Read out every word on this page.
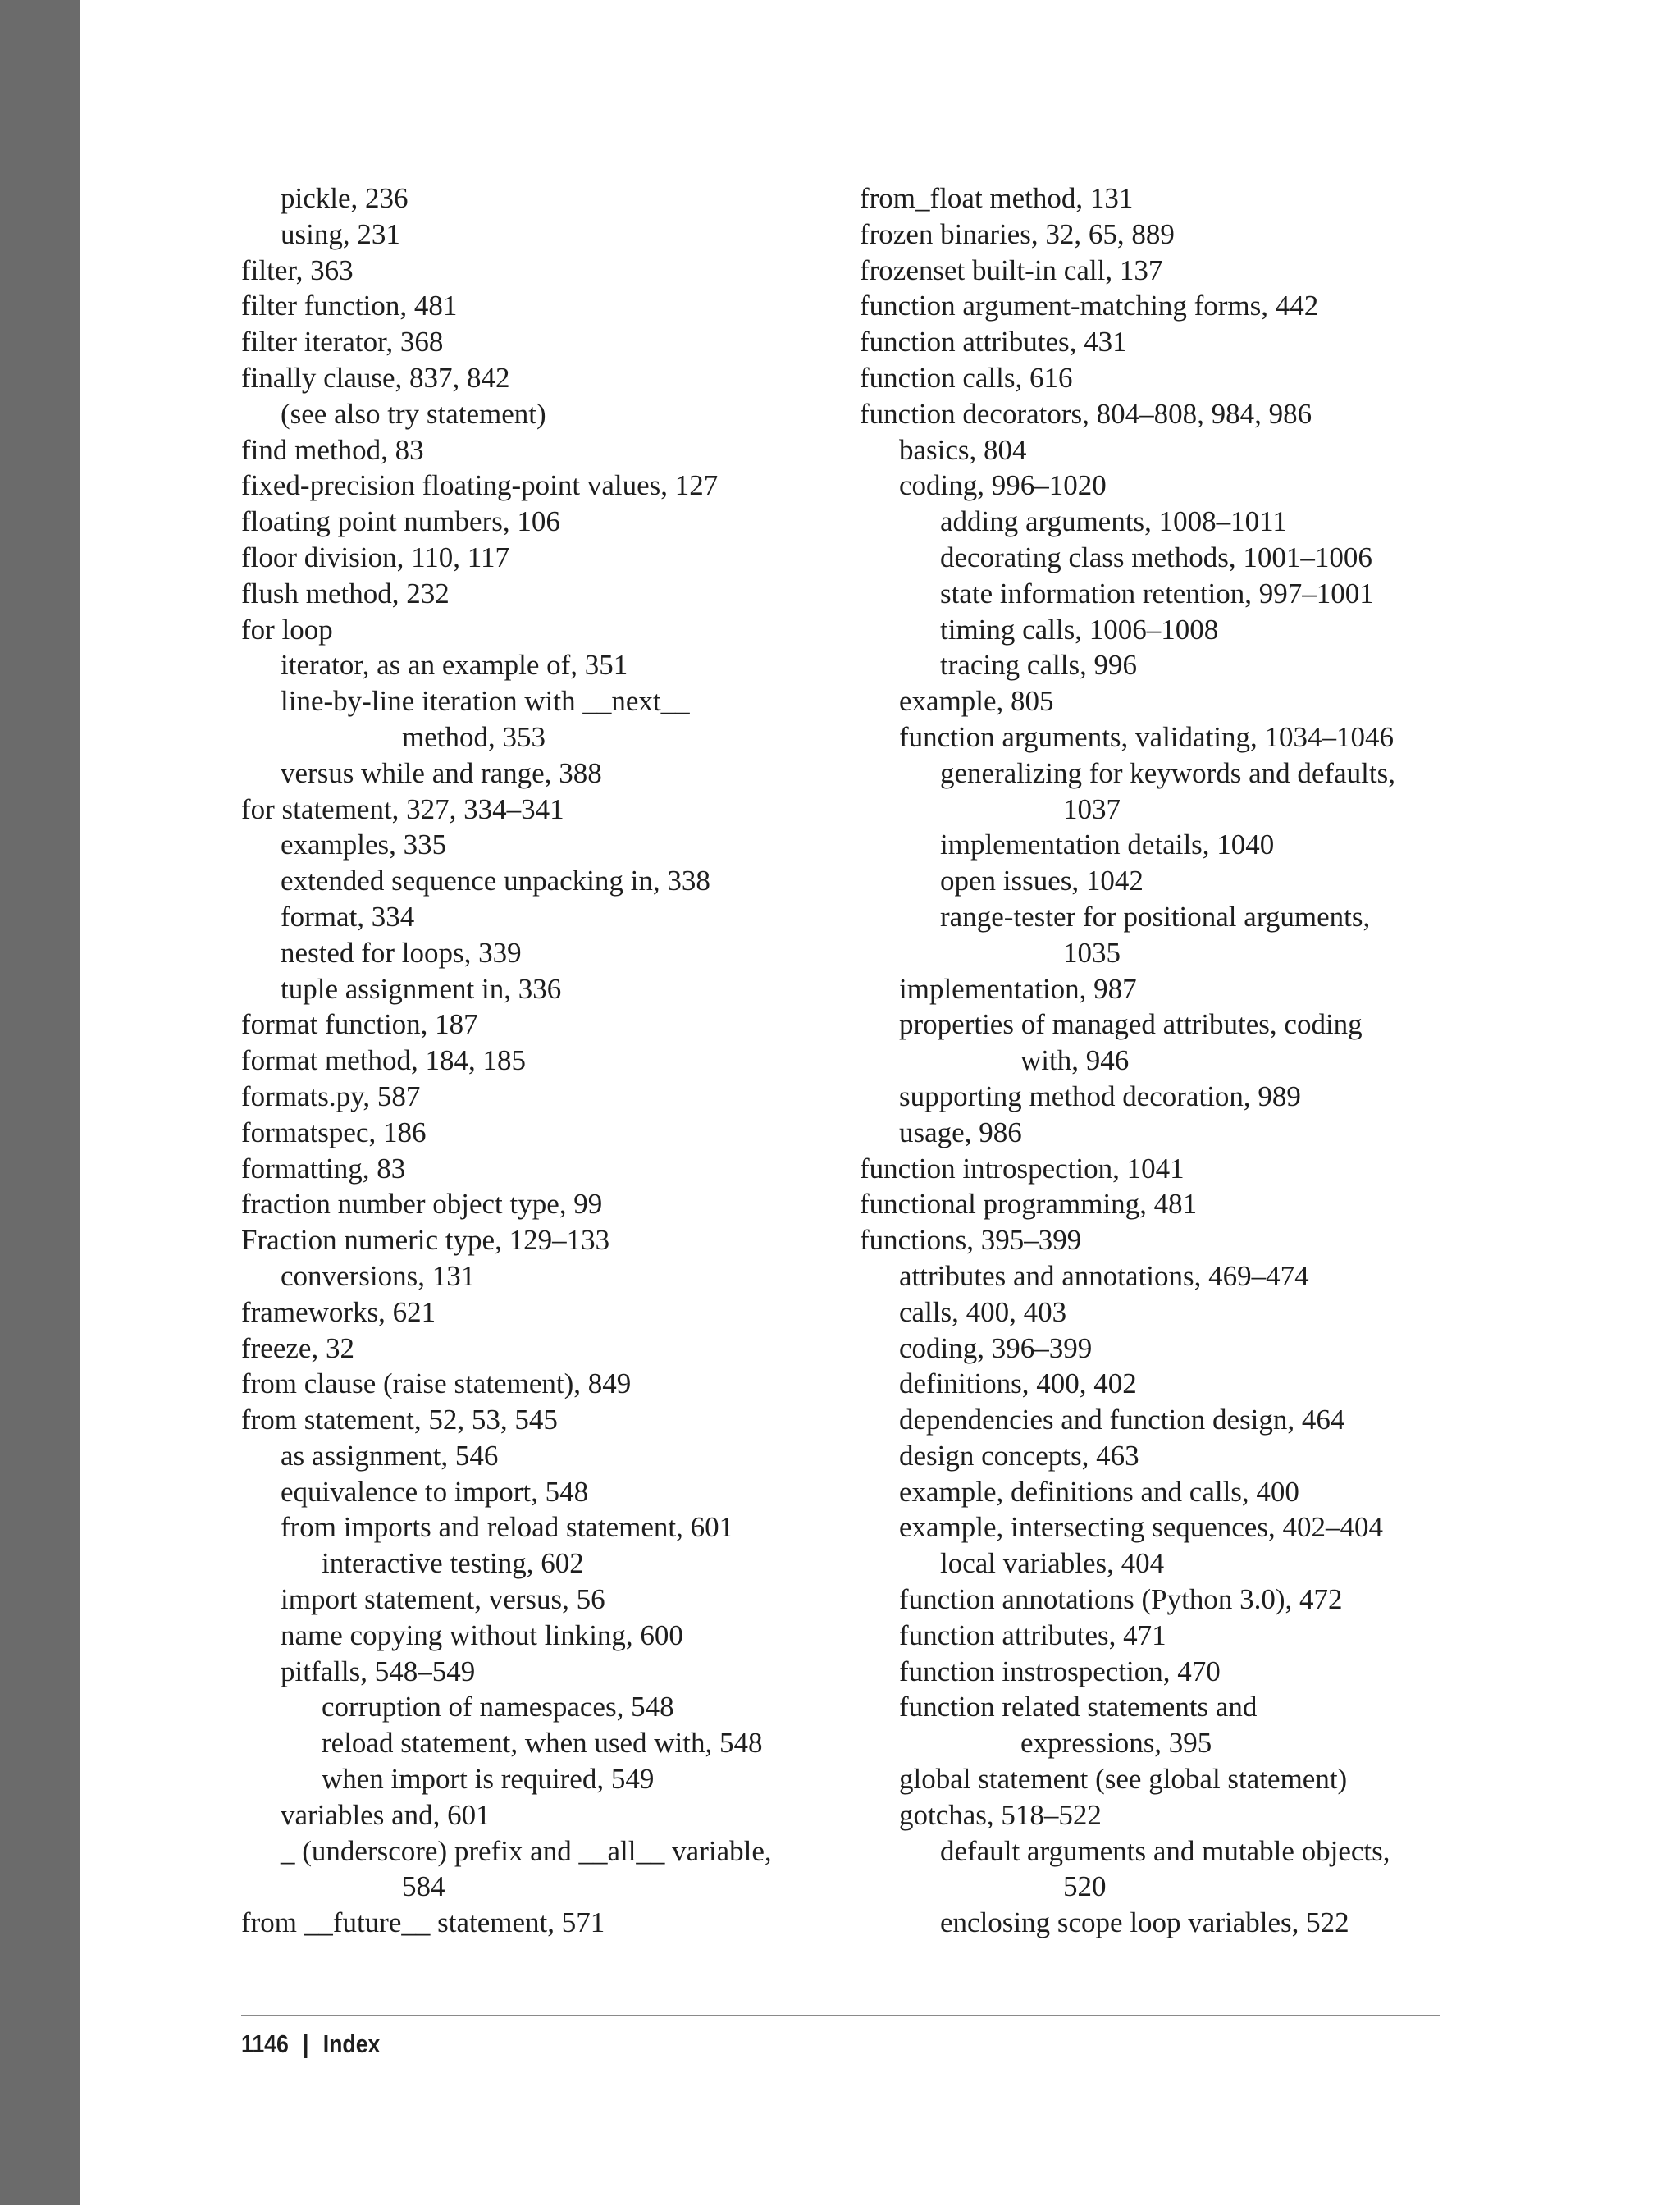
pickle, 236
using, 231
filter, 363
filter function, 481
filter iterator, 368
finally clause, 837, 842
(see also try statement)
find method, 83
fixed-precision floating-point values, 127
floating point numbers, 106
floor division, 110, 117
flush method, 232
for loop
iterator, as an example of, 351
line-by-line iteration with __next__
method, 353
versus while and range, 388
for statement, 327, 334–341
examples, 335
extended sequence unpacking in, 338
format, 334
nested for loops, 339
tuple assignment in, 336
format function, 187
format method, 184, 185
formats.py, 587
formatspec, 186
formatting, 83
fraction number object type, 99
Fraction numeric type, 129–133
conversions, 131
frameworks, 621
freeze, 32
from clause (raise statement), 849
from statement, 52, 53, 545
as assignment, 546
equivalence to import, 548
from imports and reload statement, 601
interactive testing, 602
import statement, versus, 56
name copying without linking, 600
pitfalls, 548–549
corruption of namespaces, 548
reload statement, when used with, 548
when import is required, 549
variables and, 601
_ (underscore) prefix and __all__ variable,
584
from __future__ statement, 571
from_float method, 131
frozen binaries, 32, 65, 889
frozenset built-in call, 137
function argument-matching forms, 442
function attributes, 431
function calls, 616
function decorators, 804–808, 984, 986
basics, 804
coding, 996–1020
adding arguments, 1008–1011
decorating class methods, 1001–1006
state information retention, 997–1001
timing calls, 1006–1008
tracing calls, 996
example, 805
function arguments, validating, 1034–1046
generalizing for keywords and defaults,
1037
implementation details, 1040
open issues, 1042
range-tester for positional arguments,
1035
implementation, 987
properties of managed attributes, coding
with, 946
supporting method decoration, 989
usage, 986
function introspection, 1041
functional programming, 481
functions, 395–399
attributes and annotations, 469–474
calls, 400, 403
coding, 396–399
definitions, 400, 402
dependencies and function design, 464
design concepts, 463
example, definitions and calls, 400
example, intersecting sequences, 402–404
local variables, 404
function annotations (Python 3.0), 472
function attributes, 471
function instrospection, 470
function related statements and
expressions, 395
global statement (see global statement)
gotchas, 518–522
default arguments and mutable objects,
520
enclosing scope loop variables, 522
1146 | Index
